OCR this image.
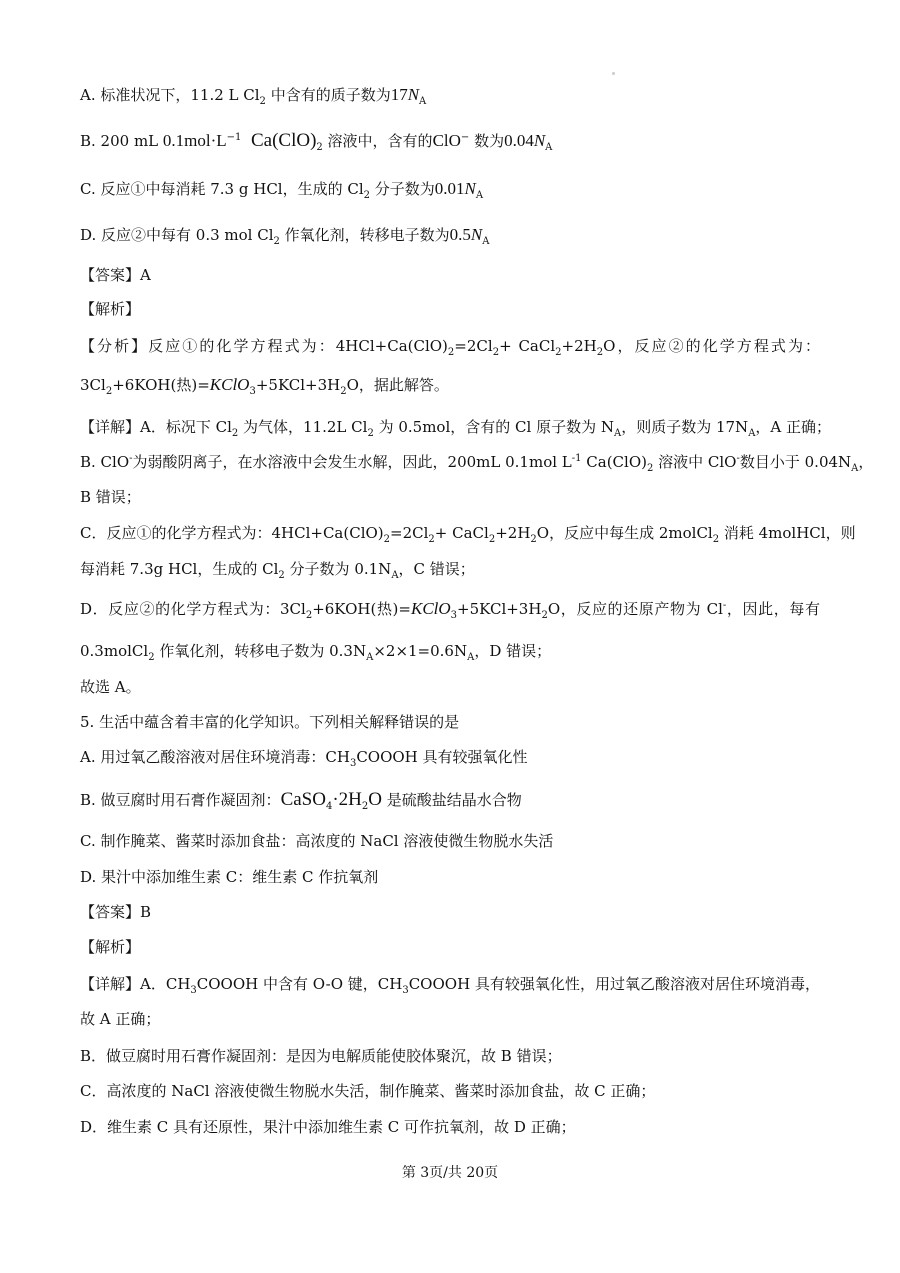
A. 标准状况下，11.2 L $Cl_2$ 中含有的质子数为$17N_A$
B. 200 mL $0.1mol\cdot L^{-1}$ $Ca(ClO)_2$ 溶液中，含有的ClO− 数为$0.04N_A$
C. 反应①中每消耗 7.3 g HCl，生成的 $Cl_2$ 分子数为$0.01N_A$
D. 反应②中每有 0.3 mol $Cl_2$ 作氧化剂，转移电子数为$0.5N_A$
【答案】A
【解析】
【分析】反应①的化学方程式为：$4HCl+Ca(ClO)_2=2Cl_2+$ $CaCl_2+2H_2O$，反应②的化学方程式为：
$3Cl_2+6KOH$(热)$=KClO_3+5KCl+3H_2O$，据此解答。
【详解】A．标况下 $Cl_2$ 为气体，11.2L $Cl_2$ 为 0.5mol，含有的 Cl 原子数为 $N_A$，则质子数为 $17N_A$，A 正确；
B. ClO-为弱酸阴离子，在水溶液中会发生水解，因此，200mL 0.1mol $L^{-1}$ $Ca(ClO)_2$ 溶液中 ClO-数目小于 $0.04N_A$，
B 错误；
C．反应①的化学方程式为：$4HCl+Ca(ClO)_2=2Cl_2+$ $CaCl_2+2H_2O$，反应中每生成 2molCl$_2$ 消耗 4molHCl，则
每消耗 7.3g HCl，生成的 $Cl_2$ 分子数为 $0.1N_A$，C 错误；
D．反应②的化学方程式为：$3Cl_2+6KOH$(热)$=KClO_3+5KCl+3H_2O$，反应的还原产物为 Cl-，因此，每有
0.3molCl$_2$ 作氧化剂，转移电子数为 $0.3N_A\times 2\times 1=0.6N_A$，D 错误；
故选 A。
5. 生活中蕴含着丰富的化学知识。下列相关解释错误的是
A. 用过氧乙酸溶液对居住环境消毒：$CH_3COOOH$ 具有较强氧化性
B. 做豆腐时用石膏作凝固剂：$CaSO_4\cdot 2H_2O$ 是硫酸盐结晶水合物
C. 制作腌菜、酱菜时添加食盐：高浓度的 NaCl 溶液使微生物脱水失活
D. 果汁中添加维生素 C：维生素 C 作抗氧剂
【答案】B
【解析】
【详解】A．$CH_3COOOH$ 中含有 O-O 键，$CH_3COOOH$ 具有较强氧化性，用过氧乙酸溶液对居住环境消毒，
故 A 正确；
B．做豆腐时用石膏作凝固剂：是因为电解质能使胶体聚沉，故 B 错误；
C．高浓度的 NaCl 溶液使微生物脱水失活，制作腌菜、酱菜时添加食盐，故 C 正确；
D．维生素 C 具有还原性，果汁中添加维生素 C 可作抗氧剂，故 D 正确；
第 3页/共 20页
